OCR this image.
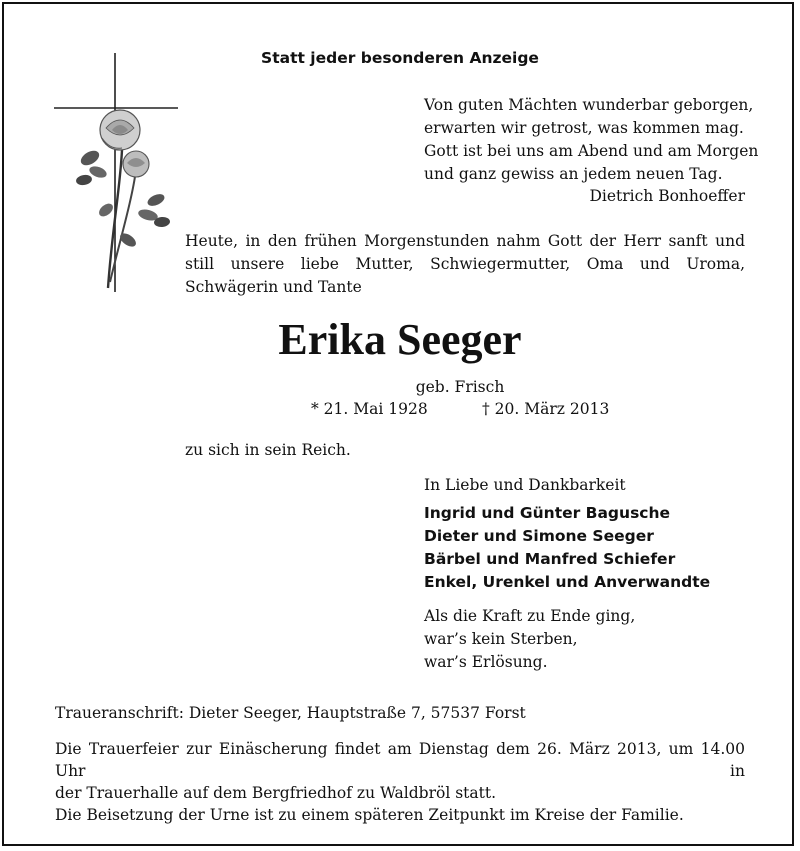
Statt jeder besonderen Anzeige
Von guten Mächten wunderbar geborgen,
erwarten wir getrost, was kommen mag.
Gott ist bei uns am Abend und am Morgen
und ganz gewiss an jedem neuen Tag.
Dietrich Bonhoeffer
Heute, in den frühen Morgenstunden nahm Gott der Herr sanft und still unsere liebe Mutter, Schwiegermutter, Oma und Uroma, Schwägerin und Tante
Erika Seeger
geb. Frisch
* 21. Mai 1928	† 20. März 2013
zu sich in sein Reich.
In Liebe und Dankbarkeit
Ingrid und Günter Bagusche
Dieter und Simone Seeger
Bärbel und Manfred Schiefer
Enkel, Urenkel und Anverwandte
Als die Kraft zu Ende ging,
war’s kein Sterben,
war’s Erlösung.
Traueranschrift: Dieter Seeger, Hauptstraße 7, 57537 Forst
Die Trauerfeier zur Einäscherung findet am Dienstag dem 26. März 2013, um 14.00 Uhr in
der Trauerhalle auf dem Bergfriedhof zu Waldbröl statt.
Die Beisetzung der Urne ist zu einem späteren Zeitpunkt im Kreise der Familie.
